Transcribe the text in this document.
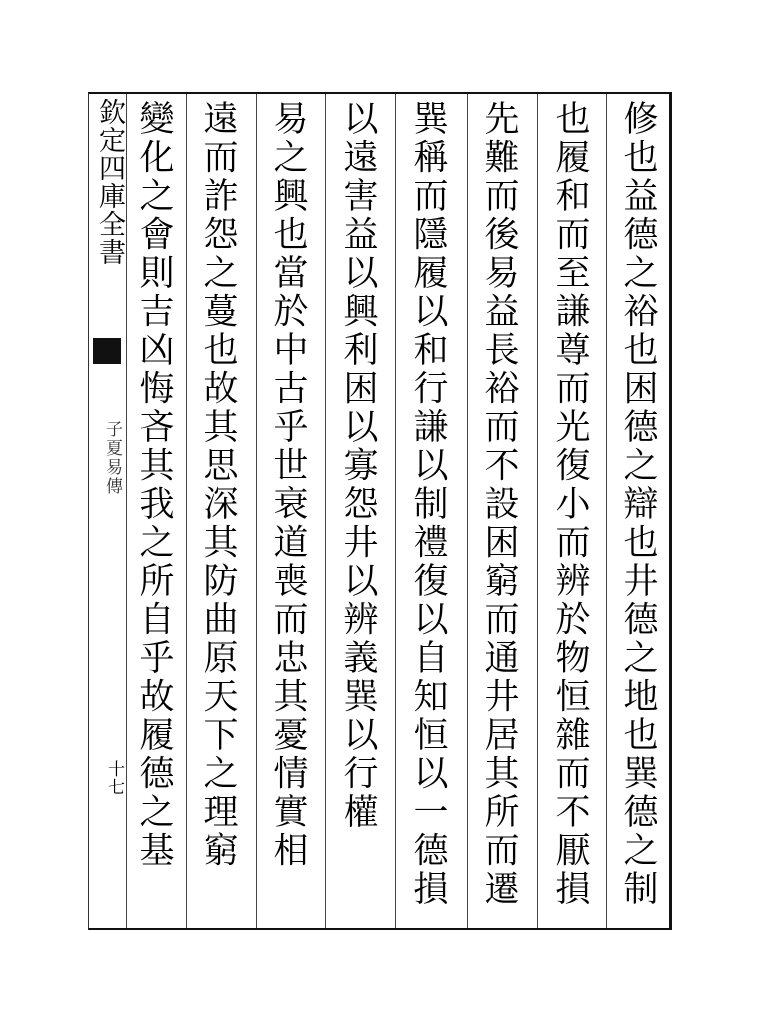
欽定四庫全書
子夏易傳
十七	修也益德之裕也困德之辯也井德之地也巽德之制
也履和而至謙尊而光復小而辨於物恒雜而不厭損
先難而後易益長裕而不設困窮而通井居其所而遷
巽稱而隱履以和行謙以制禮復以自知恒以一德損
以遠害益以興利困以寡怨井以辨義巽以行權
易之興也當於中古乎世衰道喪而忠其憂情實相
遠而詐怨之蔓也故其思深其防曲原天下之理窮
變化之會則吉凶悔吝其我之所自乎故履德之基
